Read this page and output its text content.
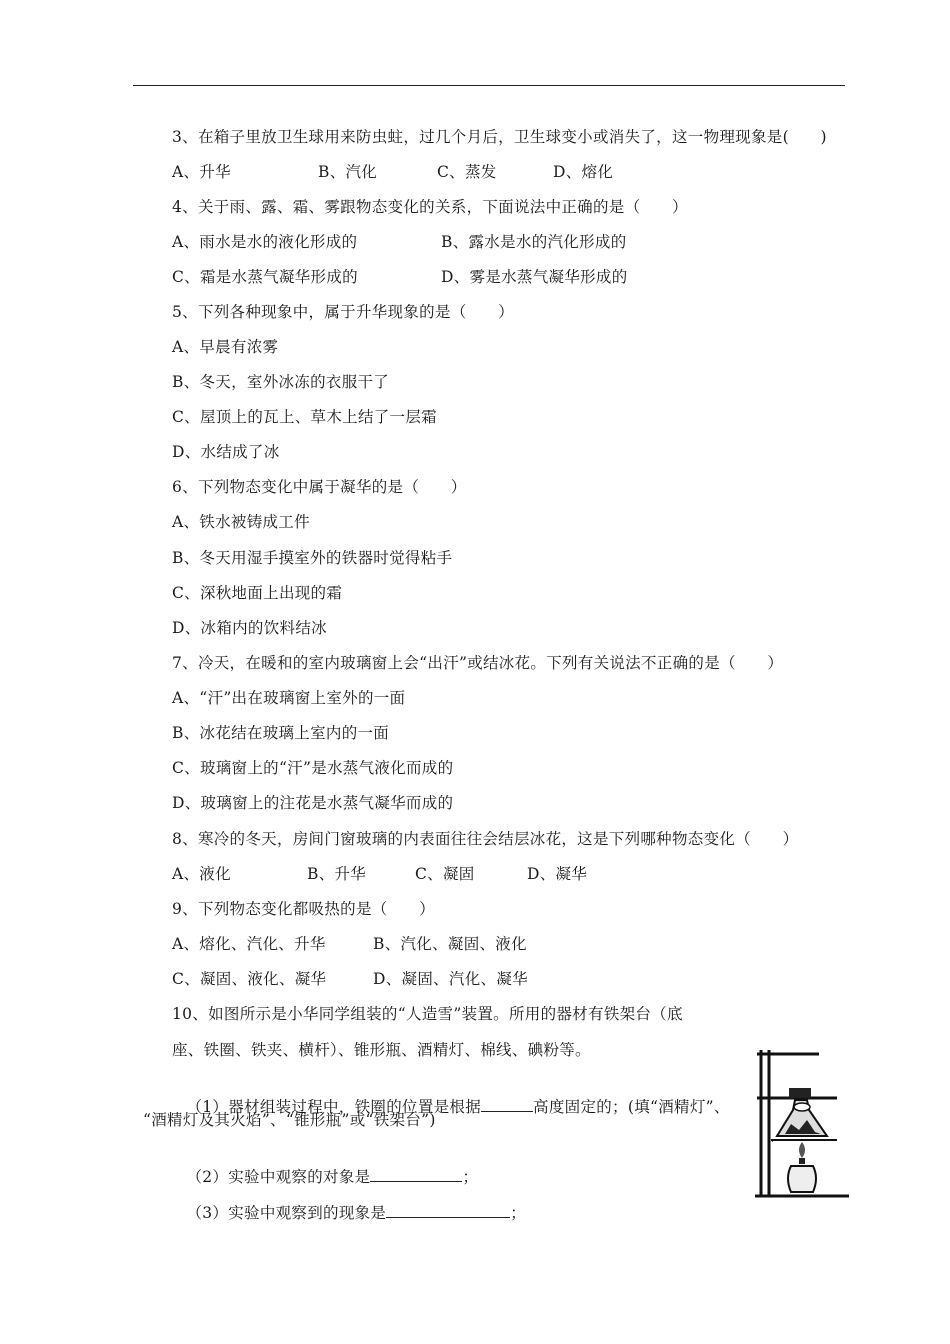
3、在箱子里放卫生球用来防虫蛀，过几个月后，卫生球变小或消失了，这一物理现象是(　　)
A、升华	B、汽化	C、蒸发	D、熔化
4、关于雨、露、霜、雾跟物态变化的关系，下面说法中正确的是（　　）
A、雨水是水的液化形成的	B、露水是水的汽化形成的
C、霜是水蒸气凝华形成的	D、雾是水蒸气凝华形成的
5、下列各种现象中，属于升华现象的是（　　）
A、早晨有浓雾
B、冬天，室外冰冻的衣服干了
C、屋顶上的瓦上、草木上结了一层霜
D、水结成了冰
6、下列物态变化中属于凝华的是（　　）
A、铁水被铸成工件
B、冬天用湿手摸室外的铁器时觉得粘手
C、深秋地面上出现的霜
D、冰箱内的饮料结冰
7、冷天，在暖和的室内玻璃窗上会“出汗”或结冰花。下列有关说法不正确的是（　　）
A、“汗”出在玻璃窗上室外的一面
B、冰花结在玻璃上室内的一面
C、玻璃窗上的“汗”是水蒸气液化而成的
D、玻璃窗上的注花是水蒸气凝华而成的
8、寒冷的冬天，房间门窗玻璃的内表面往往会结层冰花，这是下列哪种物态变化（　　）
A、液化	B、升华	C、凝固	D、凝华
9、下列物态变化都吸热的是（　　）
A、熔化、汽化、升华	B、汽化、凝固、液化
C、凝固、液化、凝华	D、凝固、汽化、凝华
10、如图所示是小华同学组装的“人造雪”装置。所用的器材有铁架台（底
座、铁圈、铁夹、横杆）、锥形瓶、酒精灯、棉线、碘粉等。

（1）器材组装过程中，铁圈的位置是根据	高度固定的；(填“酒精灯”、

“酒精灯及其火焰”、“锥形瓶”或“铁架台”)

（2）实验中观察的对象是	；

（3）实验中观察到的现象是	；

.
